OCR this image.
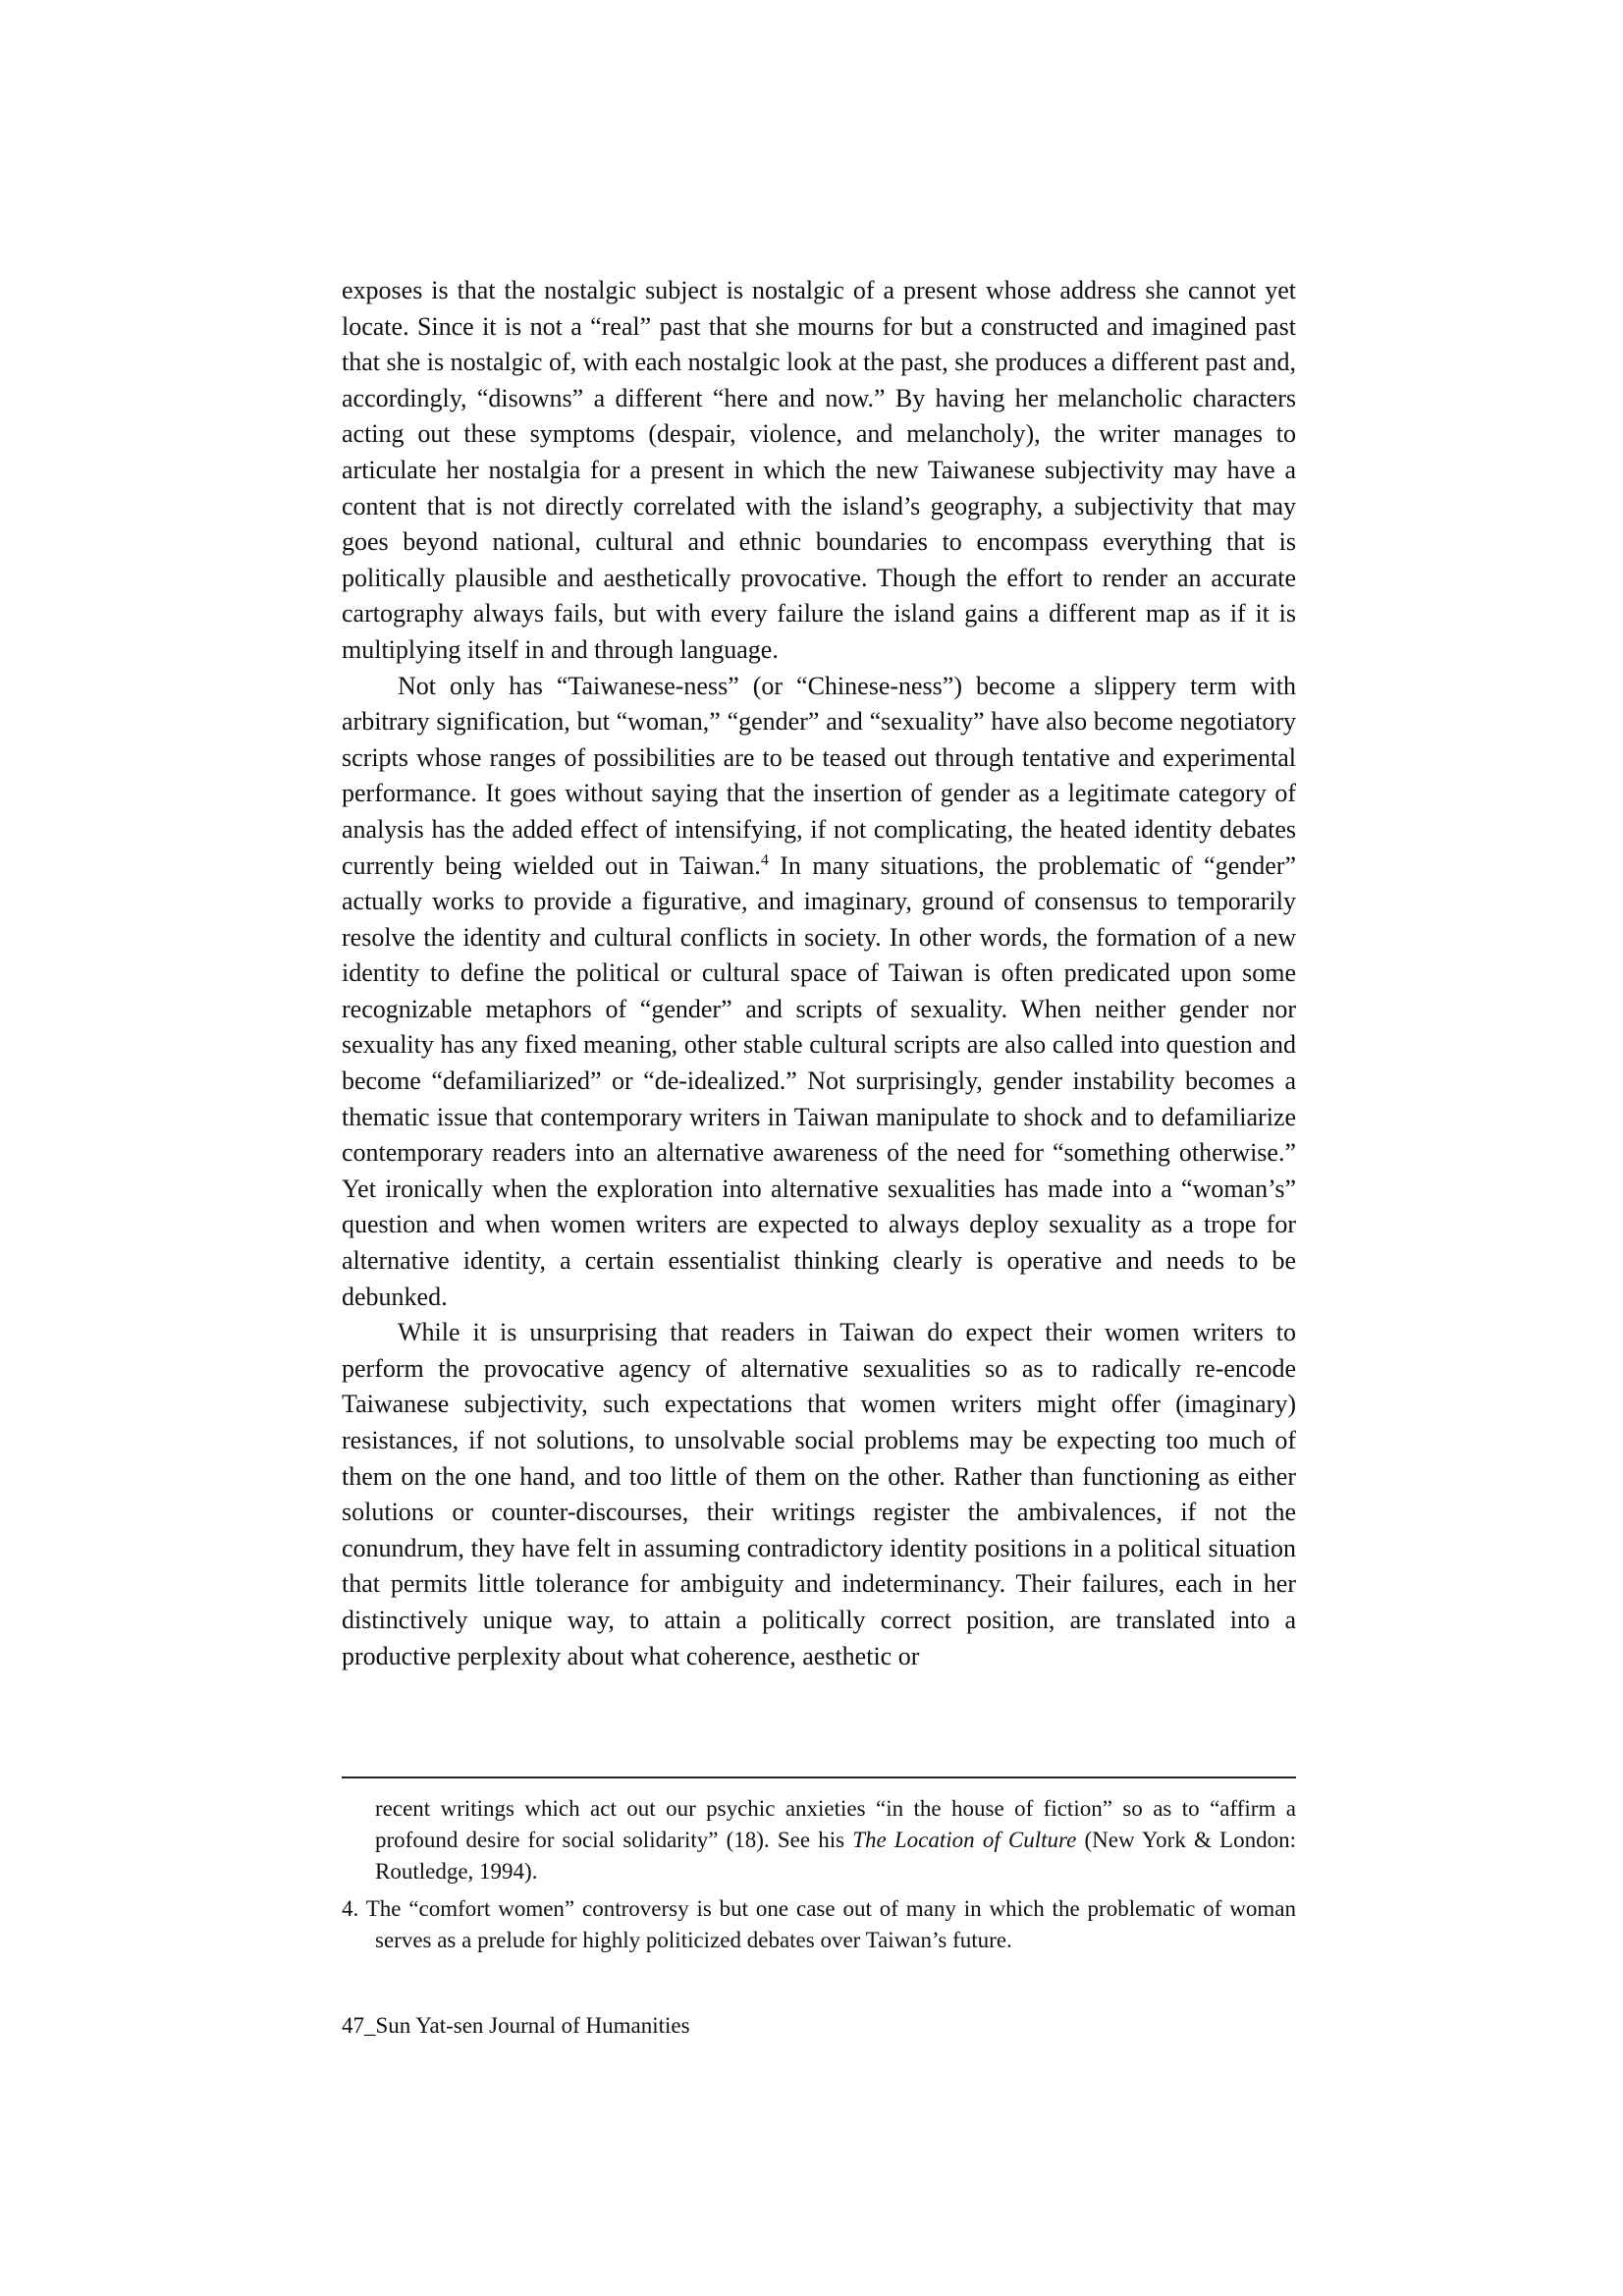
exposes is that the nostalgic subject is nostalgic of a present whose address she cannot yet locate. Since it is not a “real” past that she mourns for but a constructed and imagined past that she is nostalgic of, with each nostalgic look at the past, she produces a different past and, accordingly, “disowns” a different “here and now.” By having her melancholic characters acting out these symptoms (despair, violence, and melancholy), the writer manages to articulate her nostalgia for a present in which the new Taiwanese subjectivity may have a content that is not directly correlated with the island’s geography, a subjectivity that may goes beyond national, cultural and ethnic boundaries to encompass everything that is politically plausible and aesthetically provocative. Though the effort to render an accurate cartography always fails, but with every failure the island gains a different map as if it is multiplying itself in and through language.

Not only has “Taiwanese-ness” (or “Chinese-ness”) become a slippery term with arbitrary signification, but “woman,” “gender” and “sexuality” have also become negotiatory scripts whose ranges of possibilities are to be teased out through tentative and experimental performance. It goes without saying that the insertion of gender as a legitimate category of analysis has the added effect of intensifying, if not complicating, the heated identity debates currently being wielded out in Taiwan.$^4$ In many situations, the problematic of “gender” actually works to provide a figurative, and imaginary, ground of consensus to temporarily resolve the identity and cultural conflicts in society. In other words, the formation of a new identity to define the political or cultural space of Taiwan is often predicated upon some recognizable metaphors of “gender” and scripts of sexuality. When neither gender nor sexuality has any fixed meaning, other stable cultural scripts are also called into question and become “defamiliarized” or “de-idealized.” Not surprisingly, gender instability becomes a thematic issue that contemporary writers in Taiwan manipulate to shock and to defamiliarize contemporary readers into an alternative awareness of the need for “something otherwise.” Yet ironically when the exploration into alternative sexualities has made into a “woman’s” question and when women writers are expected to always deploy sexuality as a trope for alternative identity, a certain essentialist thinking clearly is operative and needs to be debunked.

While it is unsurprising that readers in Taiwan do expect their women writers to perform the provocative agency of alternative sexualities so as to radically re-encode Taiwanese subjectivity, such expectations that women writers might offer (imaginary) resistances, if not solutions, to unsolvable social problems may be expecting too much of them on the one hand, and too little of them on the other. Rather than functioning as either solutions or counter-discourses, their writings register the ambivalences, if not the conundrum, they have felt in assuming contradictory identity positions in a political situation that permits little tolerance for ambiguity and indeterminancy. Their failures, each in her distinctively unique way, to attain a politically correct position, are translated into a productive perplexity about what coherence, aesthetic or

recent writings which act out our psychic anxieties “in the house of fiction” so as to “affirm a profound desire for social solidarity” (18). See his The Location of Culture (New York & London: Routledge, 1994).

4. The “comfort women” controversy is but one case out of many in which the problematic of woman serves as a prelude for highly politicized debates over Taiwan’s future.

47_Sun Yat-sen Journal of Humanities
